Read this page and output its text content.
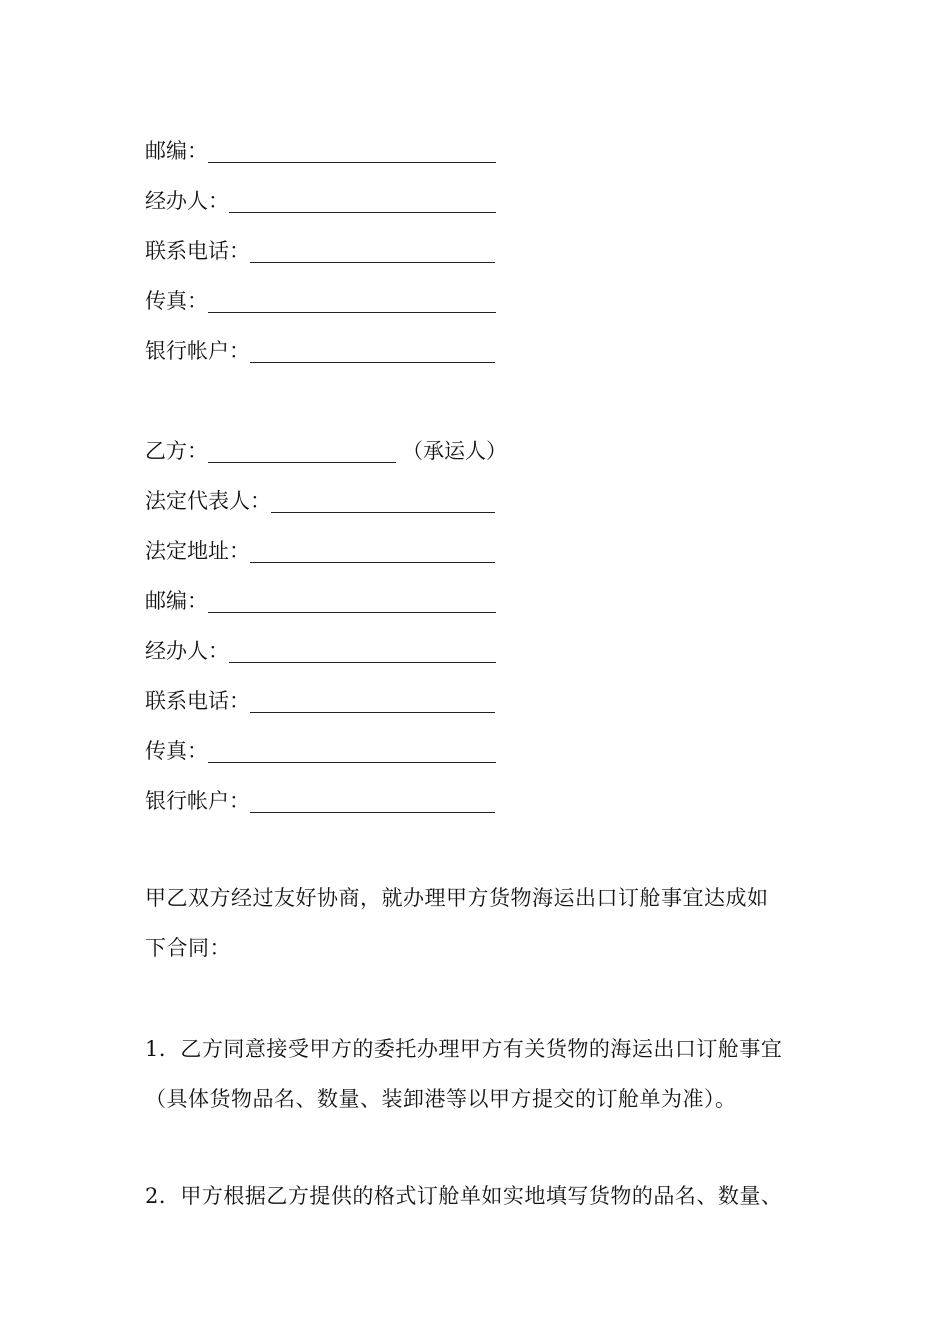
邮编：
经办人：
联系电话：
传真：
银行帐户：
乙方：	（承运人）
法定代表人：
法定地址：
邮编：
经办人：
联系电话：
传真：
银行帐户：
甲乙双方经过友好协商，就办理甲方货物海运出口订舱事宜达成如
下合同：
1．乙方同意接受甲方的委托办理甲方有关货物的海运出口订舱事宜
（具体货物品名、数量、装卸港等以甲方提交的订舱单为准）。
2．甲方根据乙方提供的格式订舱单如实地填写货物的品名、数量、
